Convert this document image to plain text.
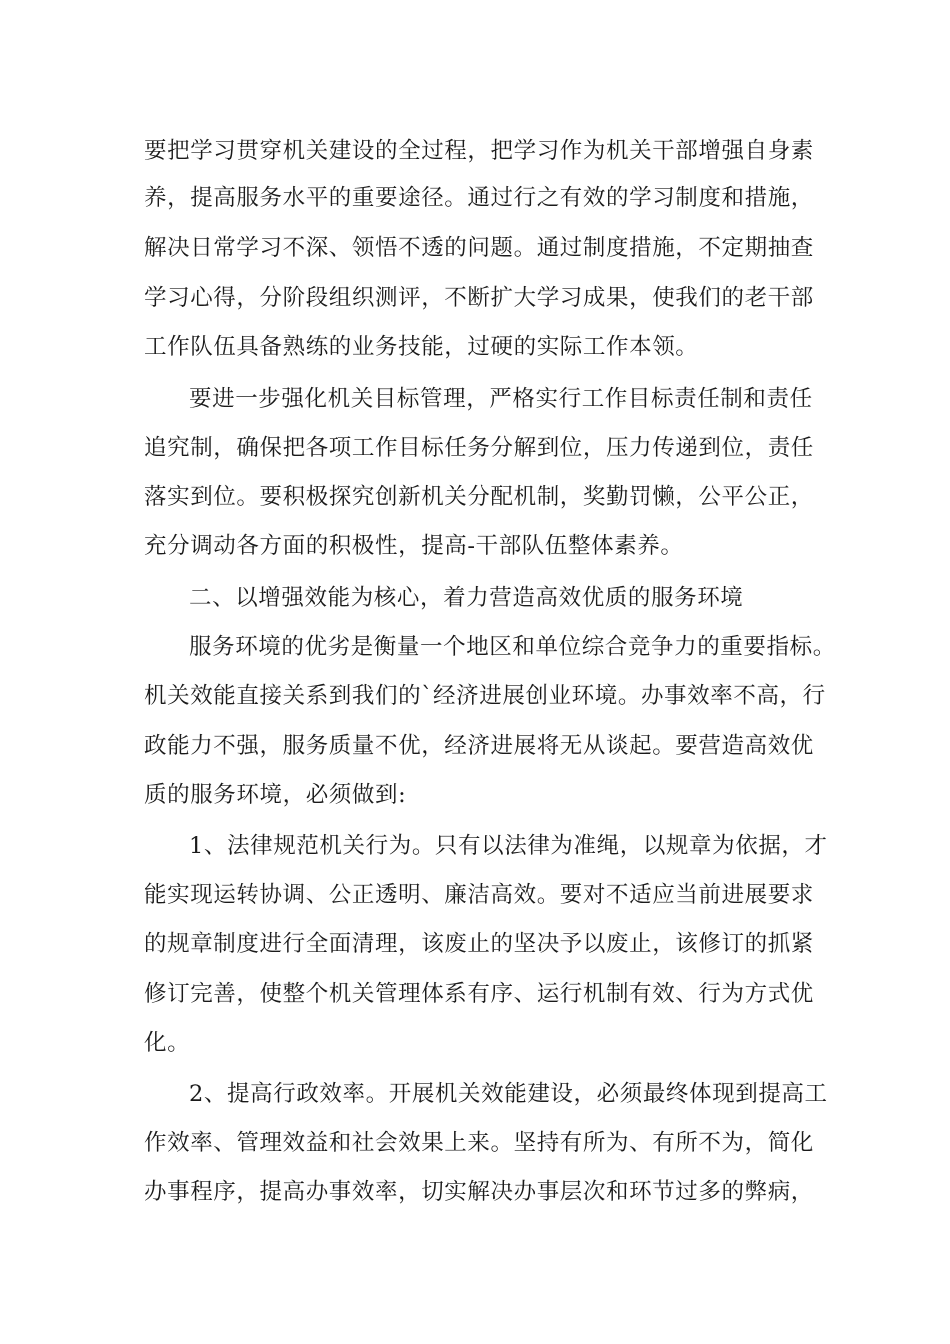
要把学习贯穿机关建设的全过程，把学习作为机关干部增强自身素
养，提高服务水平的重要途径。通过行之有效的学习制度和措施，
解决日常学习不深、领悟不透的问题。通过制度措施，不定期抽查
学习心得，分阶段组织测评，不断扩大学习成果，使我们的老干部
工作队伍具备熟练的业务技能，过硬的实际工作本领。
要进一步强化机关目标管理，严格实行工作目标责任制和责任
追究制，确保把各项工作目标任务分解到位，压力传递到位，责任
落实到位。要积极探究创新机关分配机制，奖勤罚懒，公平公正，
充分调动各方面的积极性，提高-干部队伍整体素养。
二、以增强效能为核心，着力营造高效优质的服务环境
服务环境的优劣是衡量一个地区和单位综合竞争力的重要指标。
机关效能直接关系到我们的`经济进展创业环境。办事效率不高，行
政能力不强，服务质量不优，经济进展将无从谈起。要营造高效优
质的服务环境，必须做到:
1、法律规范机关行为。只有以法律为准绳，以规章为依据，才
能实现运转协调、公正透明、廉洁高效。要对不适应当前进展要求
的规章制度进行全面清理，该废止的坚决予以废止，该修订的抓紧
修订完善，使整个机关管理体系有序、运行机制有效、行为方式优
化。
2、提高行政效率。开展机关效能建设，必须最终体现到提高工
作效率、管理效益和社会效果上来。坚持有所为、有所不为，简化
办事程序，提高办事效率，切实解决办事层次和环节过多的弊病，
